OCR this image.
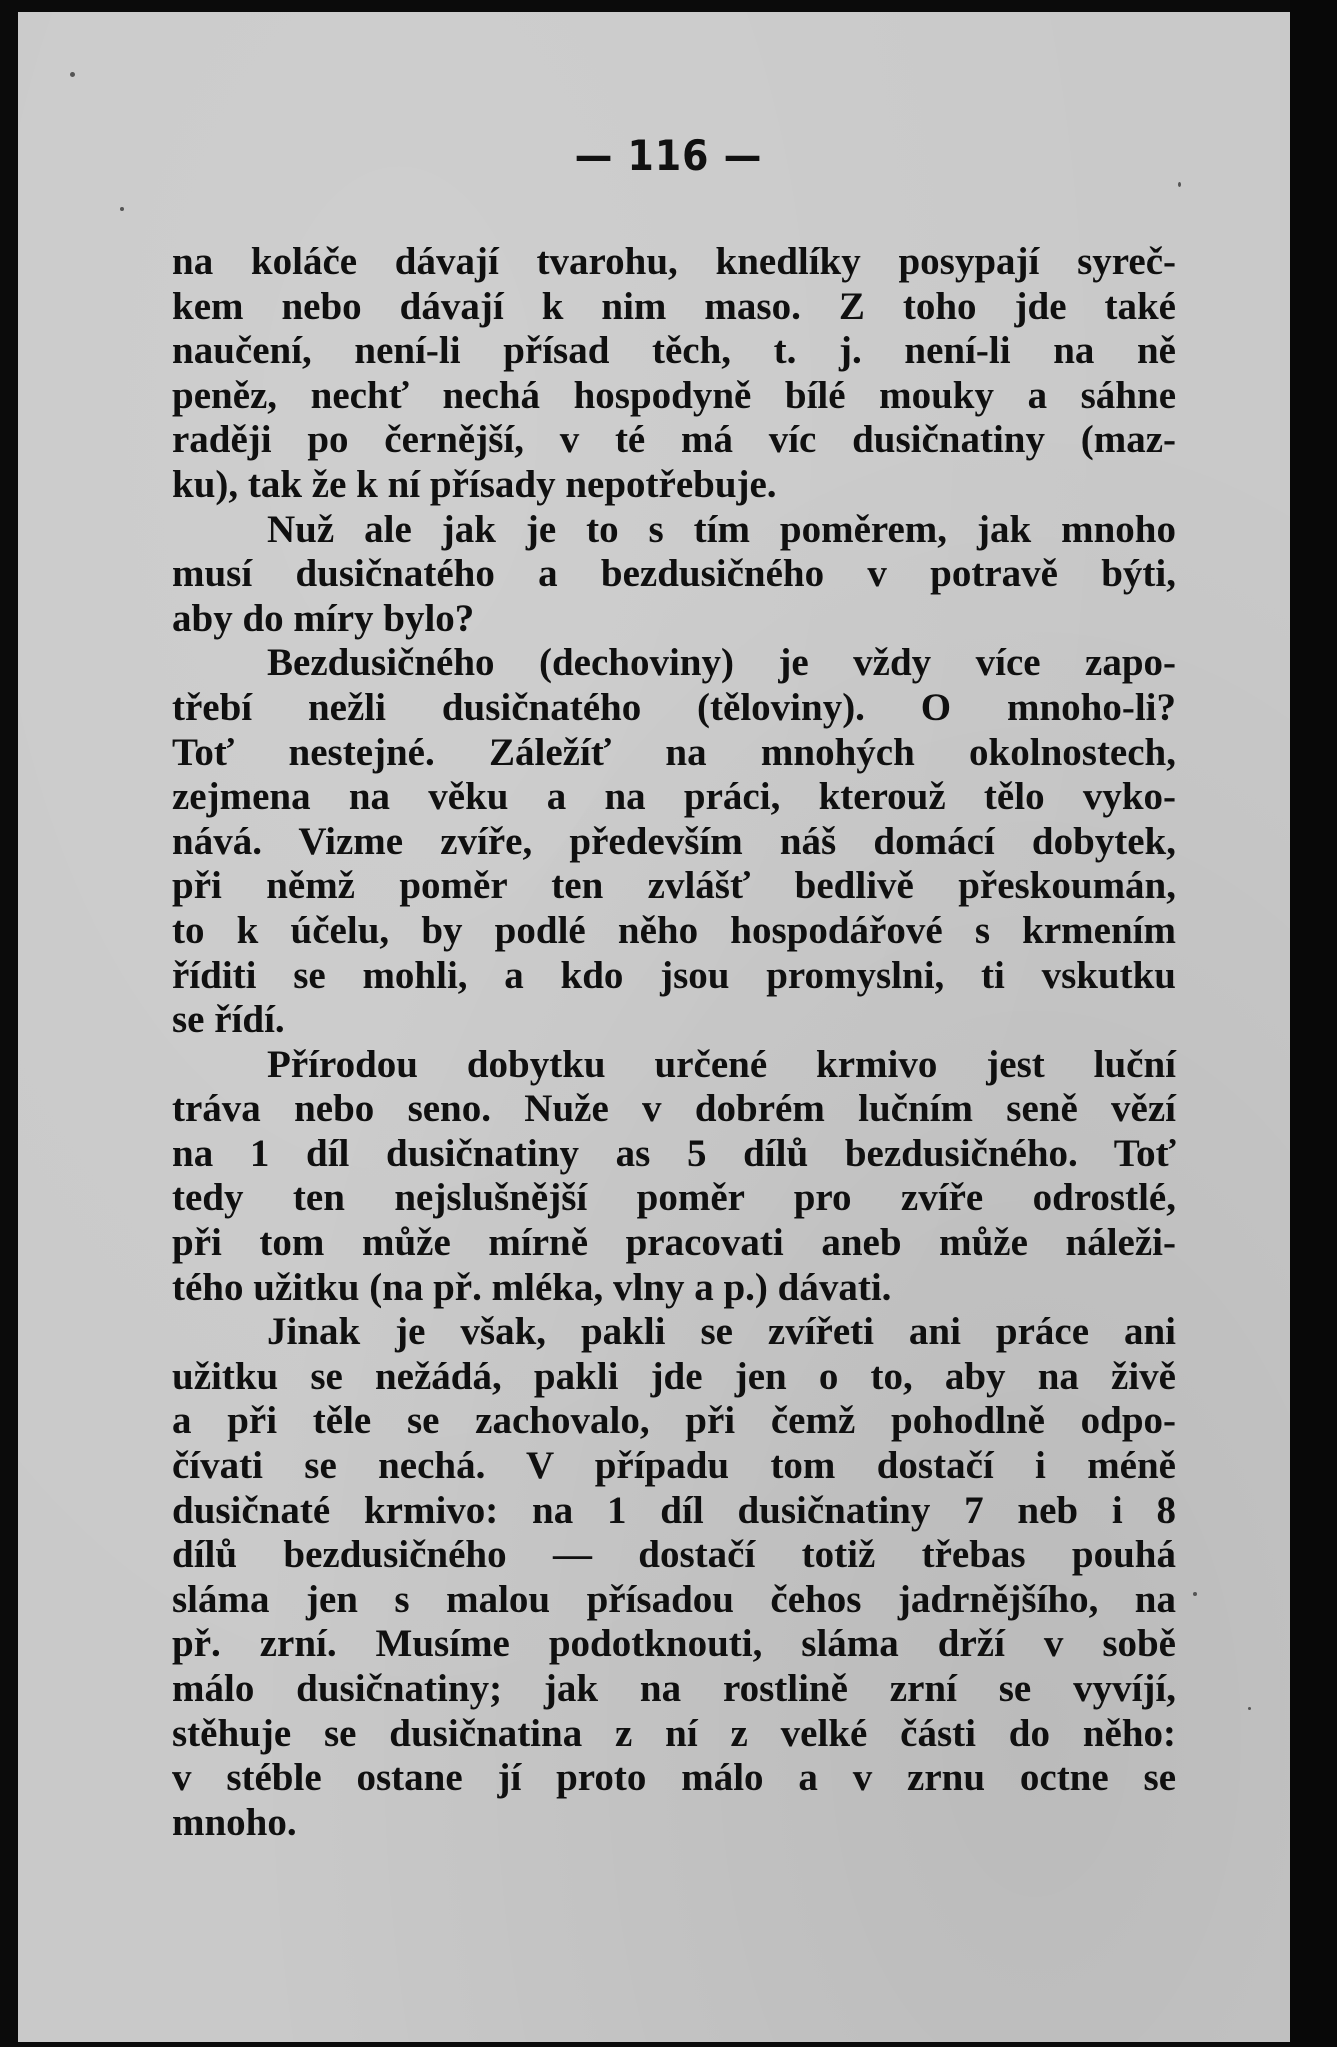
— 116 —
na koláče dávají tvarohu, knedlíky posypají syreč-
kem nebo dávají k nim maso. Z toho jde také
naučení, není-li přísad těch, t. j. není-li na ně
peněz, nechť nechá hospodyně bílé mouky a sáhne
raději po černější, v té má víc dusičnatiny (maz-
ku), tak že k ní přísady nepotřebuje.
Nuž ale jak je to s tím poměrem, jak mnoho
musí dusičnatého a bezdusičného v potravě býti,
aby do míry bylo?
Bezdusičného (dechoviny) je vždy více zapo-
třebí nežli dusičnatého (těloviny). O mnoho-li?
Toť nestejné. Záležíť na mnohých okolnostech,
zejmena na věku a na práci, kterouž tělo vyko-
nává. Vizme zvíře, především náš domácí dobytek,
při němž poměr ten zvlášť bedlivě přeskoumán,
to k účelu, by podlé něho hospodářové s krmením
říditi se mohli, a kdo jsou promyslni, ti vskutku
se řídí.
Přírodou dobytku určené krmivo jest luční
tráva nebo seno. Nuže v dobrém lučním seně vězí
na 1 díl dusičnatiny as 5 dílů bezdusičného. Toť
tedy ten nejslušnější poměr pro zvíře odrostlé,
při tom může mírně pracovati aneb může náleži-
tého užitku (na př. mléka, vlny a p.) dávati.
Jinak je však, pakli se zvířeti ani práce ani
užitku se nežádá, pakli jde jen o to, aby na živě
a při těle se zachovalo, při čemž pohodlně odpo-
čívati se nechá. V případu tom dostačí i méně
dusičnaté krmivo: na 1 díl dusičnatiny 7 neb i 8
dílů bezdusičného — dostačí totiž třebas pouhá
sláma jen s malou přísadou čehos jadrnějšího, na
př. zrní. Musíme podotknouti, sláma drží v sobě
málo dusičnatiny; jak na rostlině zrní se vyvíjí,
stěhuje se dusičnatina z ní z velké části do něho:
v stéble ostane jí proto málo a v zrnu octne se
mnoho.
